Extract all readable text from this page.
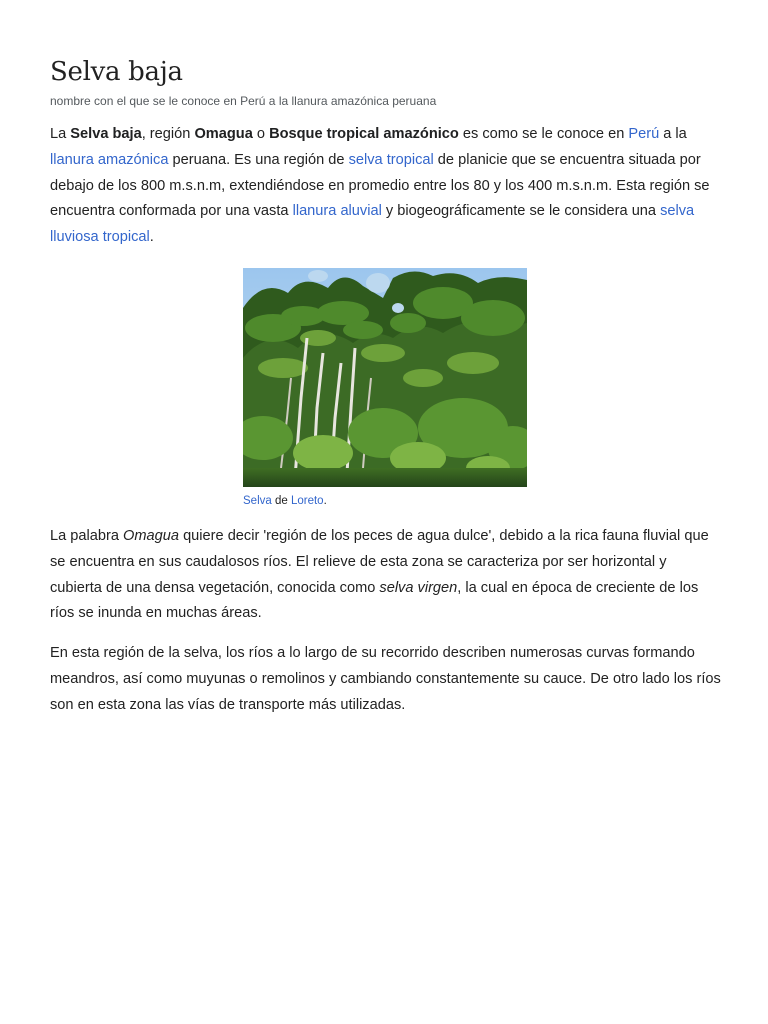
Selva baja
nombre con el que se le conoce en Perú a la llanura amazónica peruana

La Selva baja, región Omagua o Bosque tropical amazónico es como se le conoce en Perú a la llanura amazónica peruana. Es una región de selva tropical de planicie que se encuentra situada por debajo de los 800 m.s.n.m, extendiéndose en promedio entre los 80 y los 400 m.s.n.m. Esta región se encuentra conformada por una vasta llanura aluvial y biogeográficamente se le considera una selva lluviosa tropical.

Selva de Loreto.

La palabra Omagua quiere decir 'región de los peces de agua dulce', debido a la rica fauna fluvial que se encuentra en sus caudalosos ríos. El relieve de esta zona se caracteriza por ser horizontal y cubierta de una densa vegetación, conocida como selva virgen, la cual en época de creciente de los ríos se inunda en muchas áreas.

En esta región de la selva, los ríos a lo largo de su recorrido describen numerosas curvas formando meandros, así como muyunas o remolinos y cambiando constantemente su cauce. De otro lado los ríos son en esta zona las vías de transporte más utilizadas.
